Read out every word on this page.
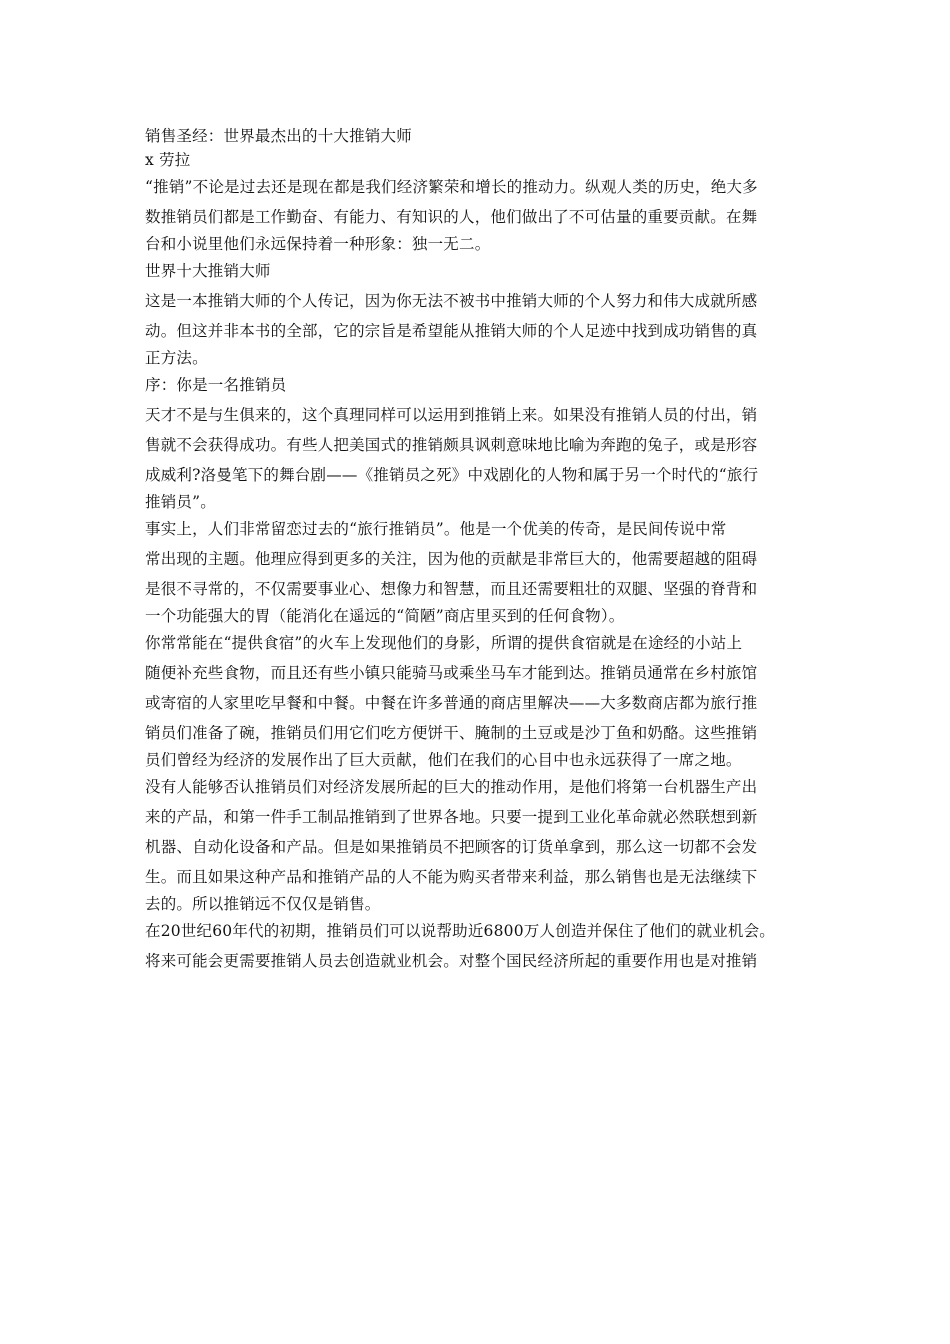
销售圣经：世界最杰出的十大推销大师
x 劳拉
“推销”不论是过去还是现在都是我们经济繁荣和增长的推动力。纵观人类的历史，绝大多
数推销员们都是工作勤奋、有能力、有知识的人，他们做出了不可估量的重要贡献。在舞
台和小说里他们永远保持着一种形象：独一无二。
世界十大推销大师
这是一本推销大师的个人传记，因为你无法不被书中推销大师的个人努力和伟大成就所感
动。但这并非本书的全部，它的宗旨是希望能从推销大师的个人足迹中找到成功销售的真
正方法。
序：你是一名推销员
天才不是与生俱来的，这个真理同样可以运用到推销上来。如果没有推销人员的付出，销
售就不会获得成功。有些人把美国式的推销颇具讽刺意味地比喻为奔跑的兔子，或是形容
成威利?洛曼笔下的舞台剧——《推销员之死》中戏剧化的人物和属于另一个时代的“旅行
推销员”。
事实上，人们非常留恋过去的“旅行推销员”。他是一个优美的传奇，是民间传说中常
常出现的主题。他理应得到更多的关注，因为他的贡献是非常巨大的，他需要超越的阻碍
是很不寻常的，不仅需要事业心、想像力和智慧，而且还需要粗壮的双腿、坚强的脊背和
一个功能强大的胃（能消化在遥远的“简陋”商店里买到的任何食物）。
你常常能在“提供食宿”的火车上发现他们的身影，所谓的提供食宿就是在途经的小站上
随便补充些食物，而且还有些小镇只能骑马或乘坐马车才能到达。推销员通常在乡村旅馆
或寄宿的人家里吃早餐和中餐。中餐在许多普通的商店里解决——大多数商店都为旅行推
销员们准备了碗，推销员们用它们吃方便饼干、腌制的土豆或是沙丁鱼和奶酪。这些推销
员们曾经为经济的发展作出了巨大贡献，他们在我们的心目中也永远获得了一席之地。
没有人能够否认推销员们对经济发展所起的巨大的推动作用，是他们将第一台机器生产出
来的产品，和第一件手工制品推销到了世界各地。只要一提到工业化革命就必然联想到新
机器、自动化设备和产品。但是如果推销员不把顾客的订货单拿到，那么这一切都不会发
生。而且如果这种产品和推销产品的人不能为购买者带来利益，那么销售也是无法继续下
去的。所以推销远不仅仅是销售。
在20世纪60年代的初期，推销员们可以说帮助近6800万人创造并保住了他们的就业机会。
将来可能会更需要推销人员去创造就业机会。对整个国民经济所起的重要作用也是对推销
